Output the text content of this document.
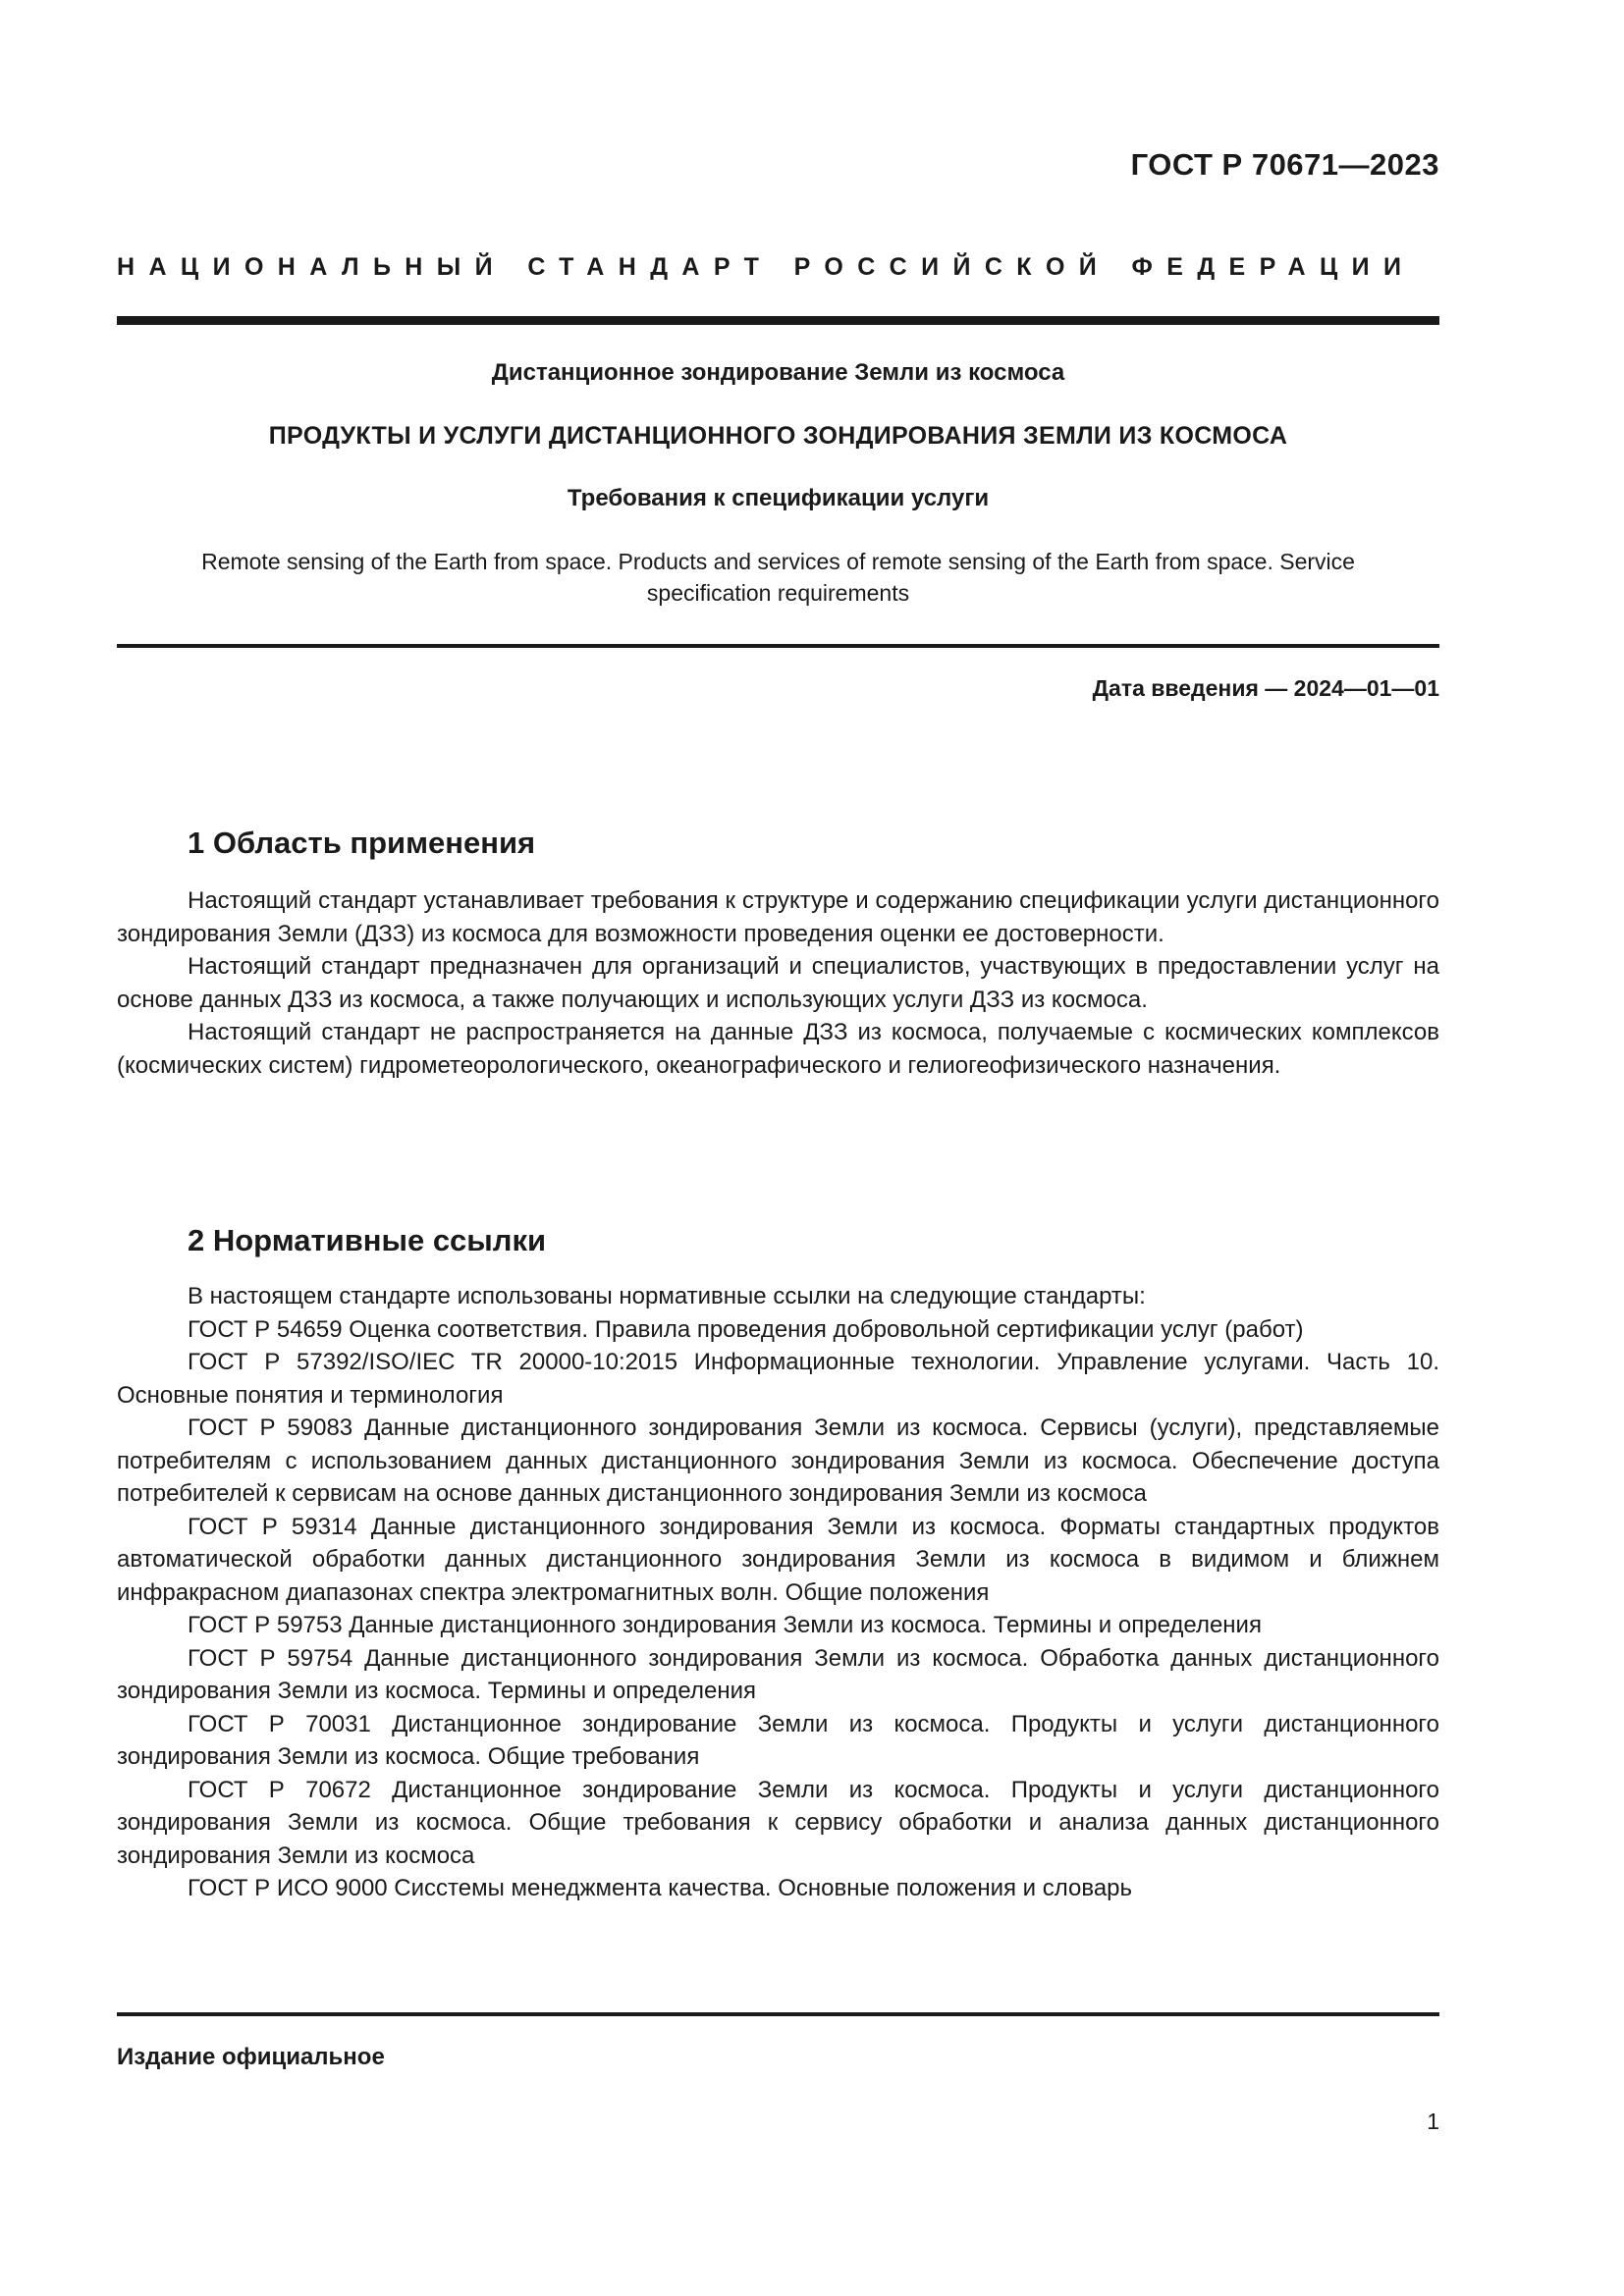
ГОСТ Р 70671—2023
НАЦИОНАЛЬНЫЙ СТАНДАРТ РОССИЙСКОЙ ФЕДЕРАЦИИ
Дистанционное зондирование Земли из космоса
ПРОДУКТЫ И УСЛУГИ ДИСТАНЦИОННОГО ЗОНДИРОВАНИЯ ЗЕМЛИ ИЗ КОСМОСА
Требования к спецификации услуги
Remote sensing of the Earth from space. Products and services of remote sensing of the Earth from space. Service
specification requirements
Дата введения — 2024—01—01
1 Область применения

Настоящий стандарт устанавливает требования к структуре и содержанию спецификации услуги дистанционного зондирования Земли (ДЗЗ) из космоса для возможности проведения оценки ее достоверности.

Настоящий стандарт предназначен для организаций и специалистов, участвующих в предоставлении услуг на основе данных ДЗЗ из космоса, а также получающих и использующих услуги ДЗЗ из космоса.

Настоящий стандарт не распространяется на данные ДЗЗ из космоса, получаемые с космических комплексов (космических систем) гидрометеорологического, океанографического и гелиогеофизического назначения.

2 Нормативные ссылки

В настоящем стандарте использованы нормативные ссылки на следующие стандарты:

ГОСТ Р 54659 Оценка соответствия. Правила проведения добровольной сертификации услуг (работ)

ГОСТ Р 57392/ISO/IEC TR 20000-10:2015 Информационные технологии. Управление услугами. Часть 10. Основные понятия и терминология

ГОСТ Р 59083 Данные дистанционного зондирования Земли из космоса. Сервисы (услуги), представляемые потребителям с использованием данных дистанционного зондирования Земли из космоса. Обеспечение доступа потребителей к сервисам на основе данных дистанционного зондирования Земли из космоса

ГОСТ Р 59314 Данные дистанционного зондирования Земли из космоса. Форматы стандартных продуктов автоматической обработки данных дистанционного зондирования Земли из космоса в видимом и ближнем инфракрасном диапазонах спектра электромагнитных волн. Общие положения

ГОСТ Р 59753 Данные дистанционного зондирования Земли из космоса. Термины и определения

ГОСТ Р 59754 Данные дистанционного зондирования Земли из космоса. Обработка данных дистанционного зондирования Земли из космоса. Термины и определения

ГОСТ Р 70031 Дистанционное зондирование Земли из космоса. Продукты и услуги дистанционного зондирования Земли из космоса. Общие требования

ГОСТ Р 70672 Дистанционное зондирование Земли из космоса. Продукты и услуги дистанционного зондирования Земли из космоса. Общие требования к сервису обработки и анализа данных дистанционного зондирования Земли из космоса

ГОСТ Р ИСО 9000 Сисстемы менеджмента качества. Основные положения и словарь

Издание официальное
1
